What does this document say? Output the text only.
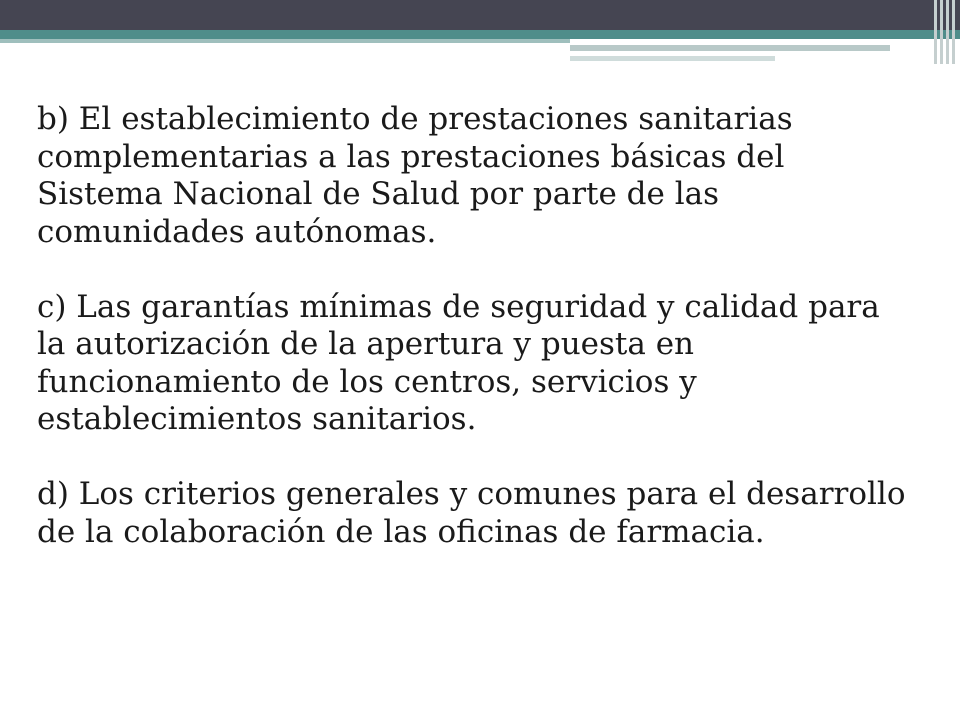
b) El establecimiento de prestaciones sanitarias complementarias a las prestaciones básicas del Sistema Nacional de Salud por parte de las comunidades autónomas.

c) Las garantías mínimas de seguridad y calidad para la autorización de la apertura y puesta en funcionamiento de los centros, servicios y establecimientos sanitarios.

d) Los criterios generales y comunes para el desarrollo de la colaboración de las oficinas de farmacia.
